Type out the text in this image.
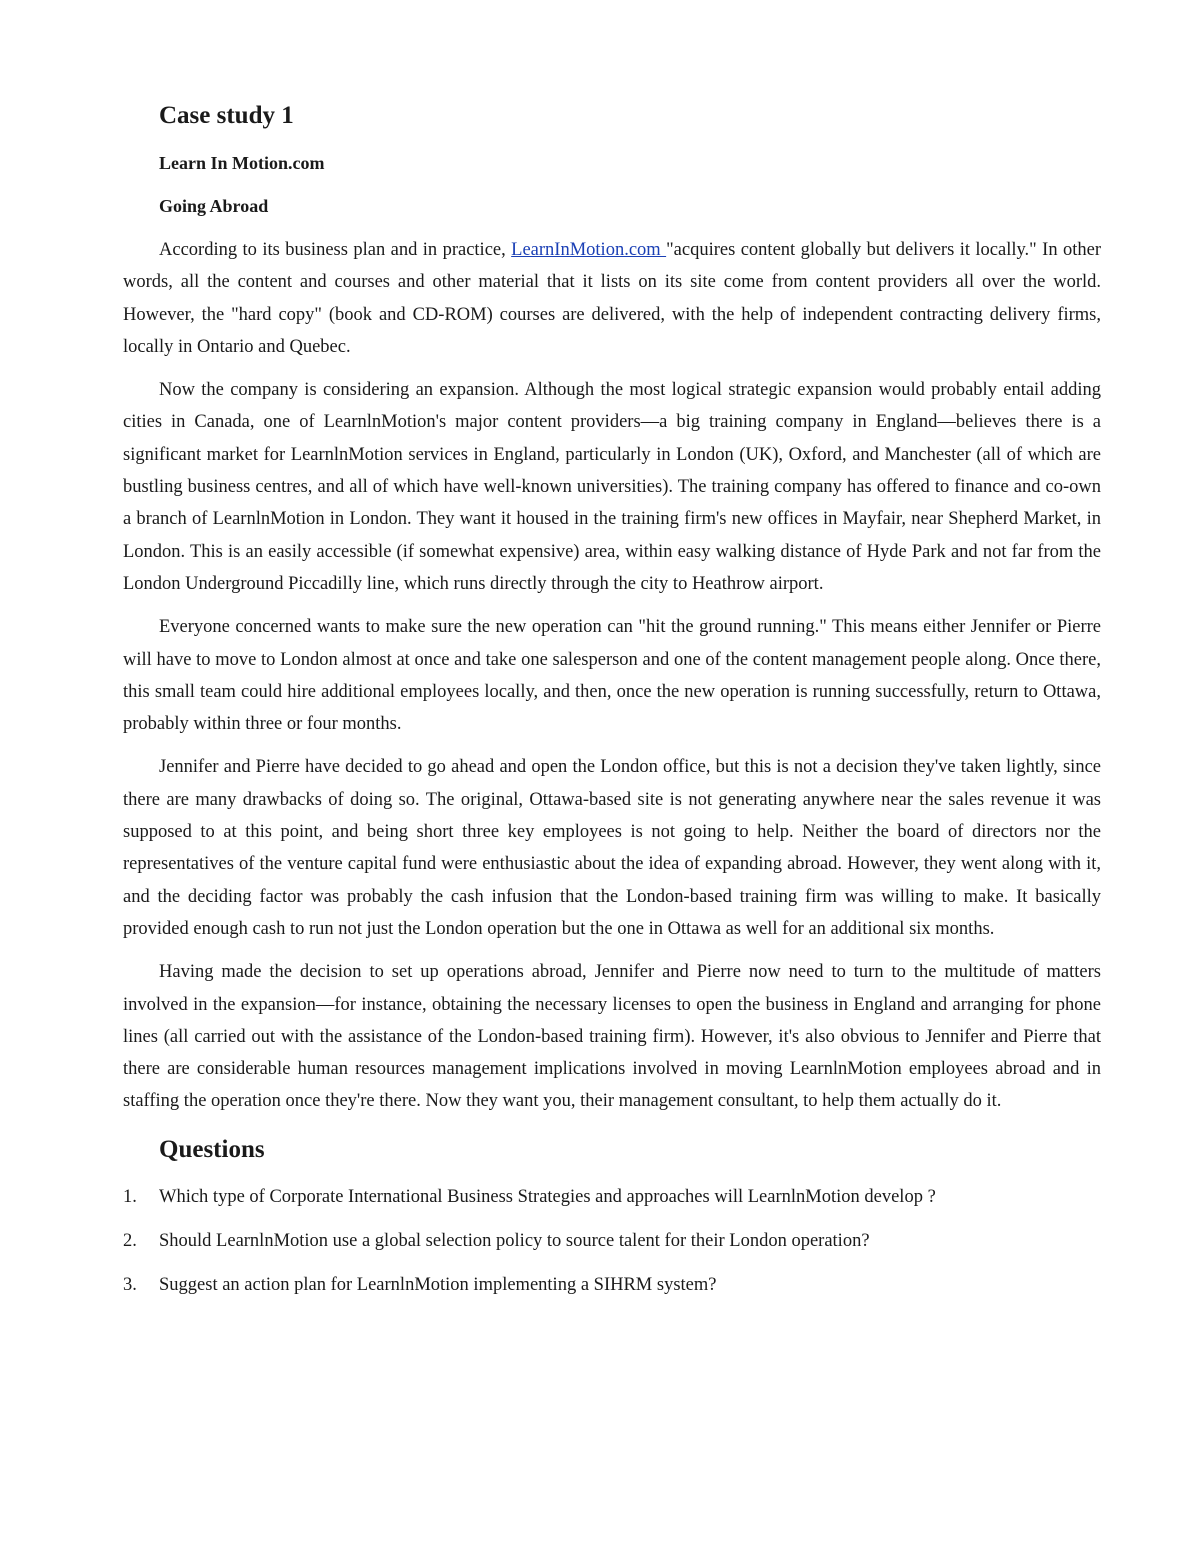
Case study 1
Learn In Motion.com
Going Abroad

According to its business plan and in practice, LearnInMotion.com "acquires content globally but delivers it locally." In other words, all the content and courses and other material that it lists on its site come from content providers all over the world. However, the "hard copy" (book and CD-ROM) courses are delivered, with the help of independent contracting delivery firms, locally in Ontario and Quebec.

Now the company is considering an expansion. Although the most logical strategic expansion would probably entail adding cities in Canada, one of LearnlnMotion's major content providers—a big training company in England—believes there is a significant market for LearnlnMotion services in England, particularly in London (UK), Oxford, and Manchester (all of which are bustling business centres, and all of which have well-known universities). The training company has offered to finance and co-own a branch of LearnlnMotion in London. They want it housed in the training firm's new offices in Mayfair, near Shepherd Market, in London. This is an easily accessible (if somewhat expensive) area, within easy walking distance of Hyde Park and not far from the London Underground Piccadilly line, which runs directly through the city to Heathrow airport.

Everyone concerned wants to make sure the new operation can "hit the ground running." This means either Jennifer or Pierre will have to move to London almost at once and take one salesperson and one of the content management people along. Once there, this small team could hire additional employees locally, and then, once the new operation is running successfully, return to Ottawa, probably within three or four months.

Jennifer and Pierre have decided to go ahead and open the London office, but this is not a decision they've taken lightly, since there are many drawbacks of doing so. The original, Ottawa-based site is not generating anywhere near the sales revenue it was supposed to at this point, and being short three key employees is not going to help. Neither the board of directors nor the representatives of the venture capital fund were enthusiastic about the idea of expanding abroad. However, they went along with it, and the deciding factor was probably the cash infusion that the London-based training firm was willing to make. It basically provided enough cash to run not just the London operation but the one in Ottawa as well for an additional six months.

Having made the decision to set up operations abroad, Jennifer and Pierre now need to turn to the multitude of matters involved in the expansion—for instance, obtaining the necessary licenses to open the business in England and arranging for phone lines (all carried out with the assistance of the London-based training firm). However, it's also obvious to Jennifer and Pierre that there are considerable human resources management implications involved in moving LearnlnMotion employees abroad and in staffing the operation once they're there. Now they want you, their management consultant, to help them actually do it.

Questions
1.	Which type of Corporate International Business Strategies and approaches will LearnlnMotion develop ?
2.	Should LearnlnMotion use a global selection policy to source talent for their London operation?
3.	Suggest an action plan for LearnlnMotion implementing a SIHRM system?
